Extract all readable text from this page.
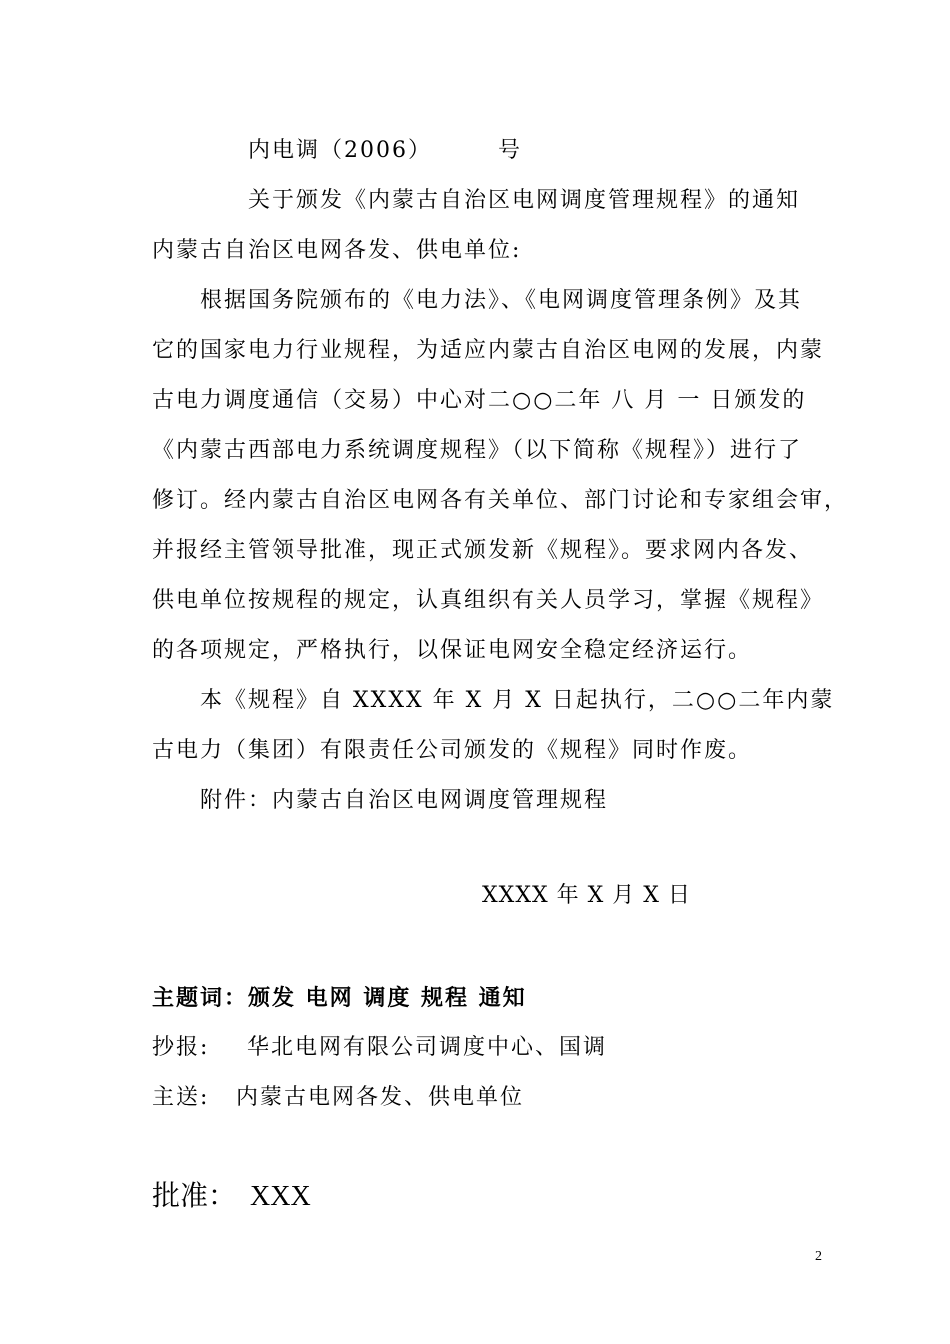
内电调（2006）	号
关于颁发《内蒙古自治区电网调度管理规程》的通知
内蒙古自治区电网各发、供电单位:
根据国务院颁布的《电力法》、《电网调度管理条例》及其
它的国家电力行业规程，为适应内蒙古自治区电网的发展，内蒙
古电力调度通信（交易）中心对二○○二年 八 月 一 日颁发的
《内蒙古西部电力系统调度规程》（以下简称《规程》）进行了
修订。经内蒙古自治区电网各有关单位、部门讨论和专家组会审，
并报经主管领导批准，现正式颁发新《规程》。要求网内各发、
供电单位按规程的规定，认真组织有关人员学习，掌握《规程》
的各项规定，严格执行，以保证电网安全稳定经济运行。
本《规程》自 XXXX 年 X 月 X 日起执行，二○○二年内蒙
古电力（集团）有限责任公司颁发的《规程》同时作废。
附件：内蒙古自治区电网调度管理规程
XXXX 年 X 月 X 日
主题词：颁发 电网 调度 规程 通知
抄报: 华北电网有限公司调度中心、国调
主送: 内蒙古电网各发、供电单位
批准： XXX
2
